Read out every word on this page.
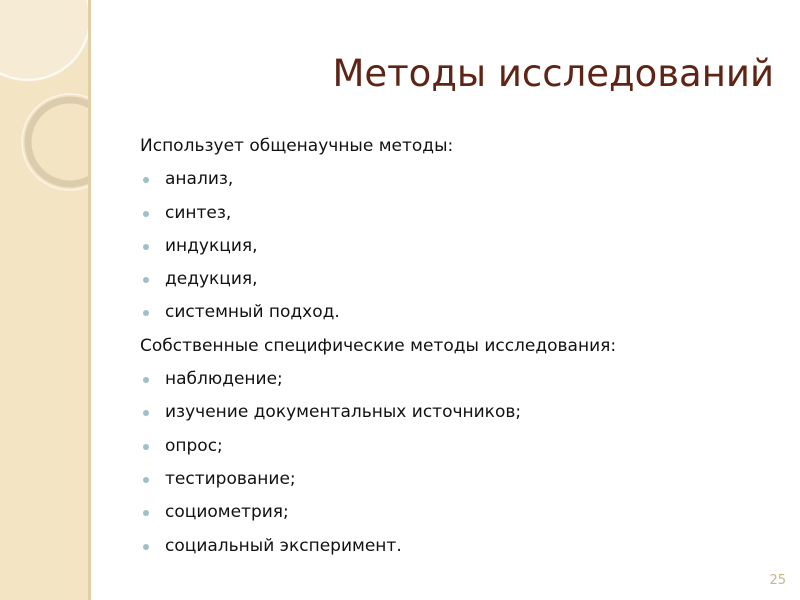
Методы исследований
Использует общенаучные методы:
анализ,
синтез,
индукция,
дедукция,
системный подход.
Собственные специфические методы исследования:
наблюдение;
изучение документальных источников;
опрос;
тестирование;
социометрия;
социальный эксперимент.
25
